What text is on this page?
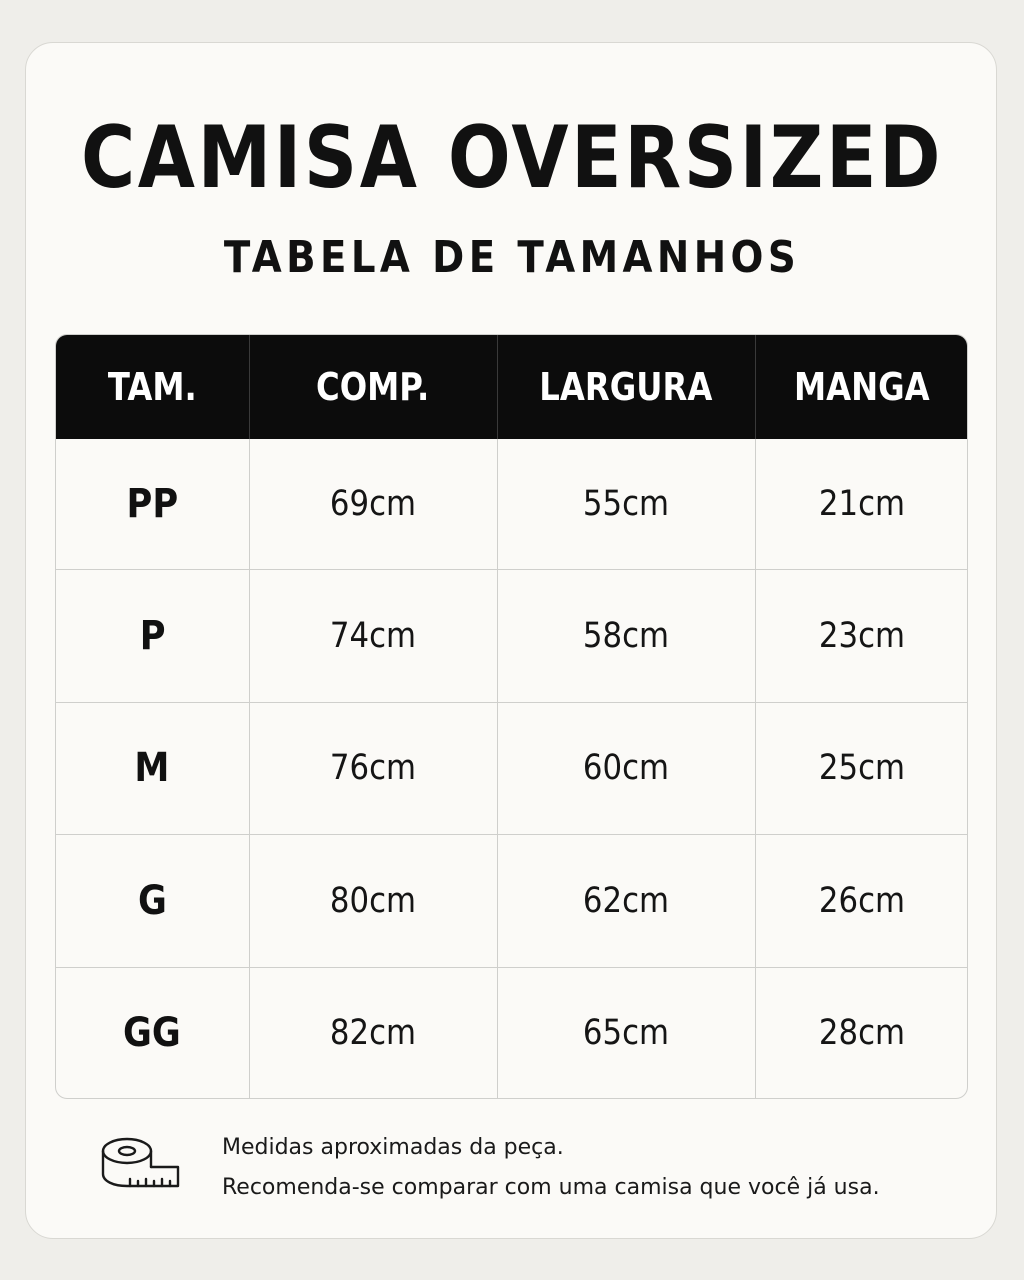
CAMISA OVERSIZED
TABELA DE TAMANHOS
TAM.	COMP.	LARGURA	MANGA
PP	69cm	55cm	21cm
P	74cm	58cm	23cm
M	76cm	60cm	25cm
G	80cm	62cm	26cm
GG	82cm	65cm	28cm

Medidas aproximadas da peça.

Recomenda-se comparar com uma camisa que você já usa.
